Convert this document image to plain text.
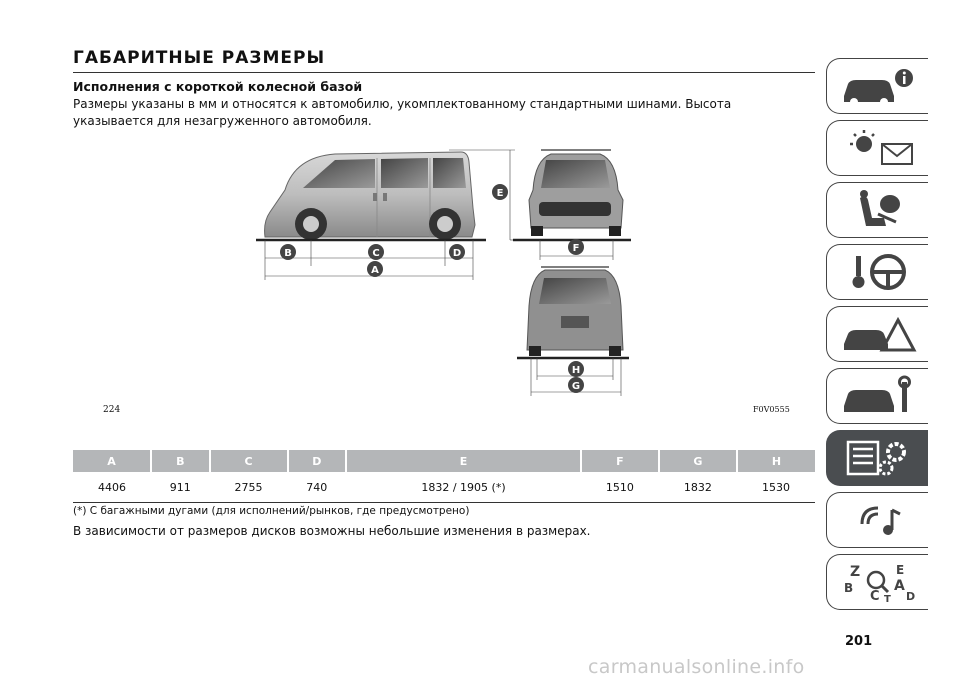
ГАБАРИТНЫЕ РАЗМЕРЫ
Исполнения с короткой колесной базой
Размеры указаны в мм и относятся к автомобилю, укомплектованному стандартными шинами. Высота указывается для незагруженного автомобиля.
B	C	D
A
E
F
H
G
224	F0V0555
A	B	C	D	E	F	G	H
4406	911	2755	740	1832 / 1905 (*)	1510	1832	1530
(*) С багажными дугами (для исполнений/рынков, где предусмотрено)
В зависимости от размеров дисков возможны небольшие изменения в размерах.
Z	E
A
B
C D
T
201
carmanualsonline.info
